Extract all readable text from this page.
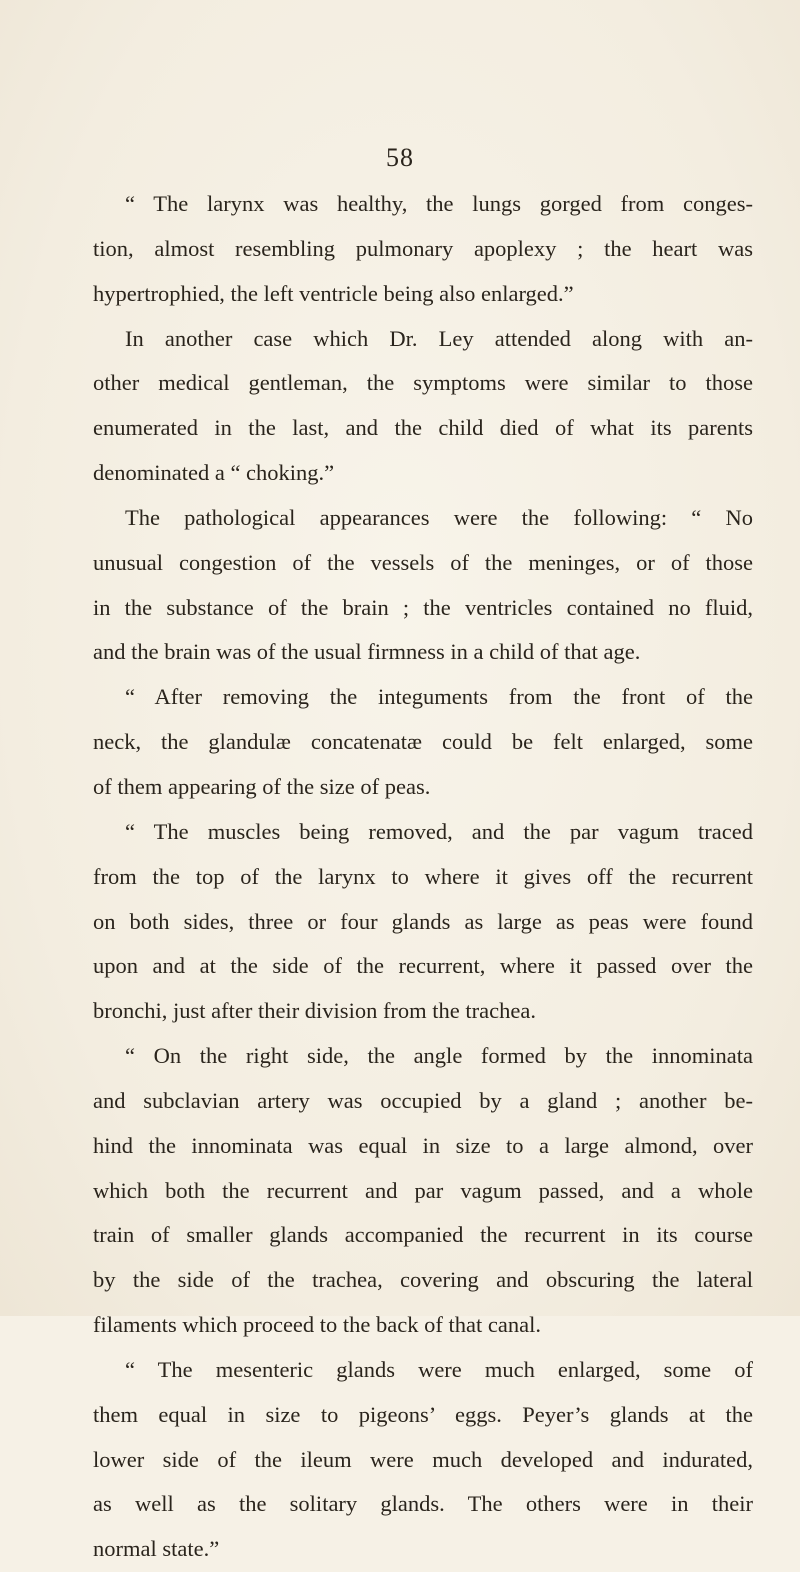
58
“ The larynx was healthy, the lungs gorged from conges-
tion, almost resembling pulmonary apoplexy ; the heart was
hypertrophied, the left ventricle being also enlarged.”
In another case which Dr. Ley attended along with an-
other medical gentleman, the symptoms were similar to those
enumerated in the last, and the child died of what its parents
denominated a “ choking.”
The pathological appearances were the following: “ No
unusual congestion of the vessels of the meninges, or of those
in the substance of the brain ; the ventricles contained no fluid,
and the brain was of the usual firmness in a child of that age.
“ After removing the integuments from the front of the
neck, the glandulæ concatenatæ could be felt enlarged, some
of them appearing of the size of peas.
“ The muscles being removed, and the par vagum traced
from the top of the larynx to where it gives off the recurrent
on both sides, three or four glands as large as peas were found
upon and at the side of the recurrent, where it passed over the
bronchi, just after their division from the trachea.
“ On the right side, the angle formed by the innominata
and subclavian artery was occupied by a gland ; another be-
hind the innominata was equal in size to a large almond, over
which both the recurrent and par vagum passed, and a whole
train of smaller glands accompanied the recurrent in its course
by the side of the trachea, covering and obscuring the lateral
filaments which proceed to the back of that canal.
“ The mesenteric glands were much enlarged, some of
them equal in size to pigeons’ eggs. Peyer’s glands at the
lower side of the ileum were much developed and indurated,
as well as the solitary glands. The others were in their
normal state.”
